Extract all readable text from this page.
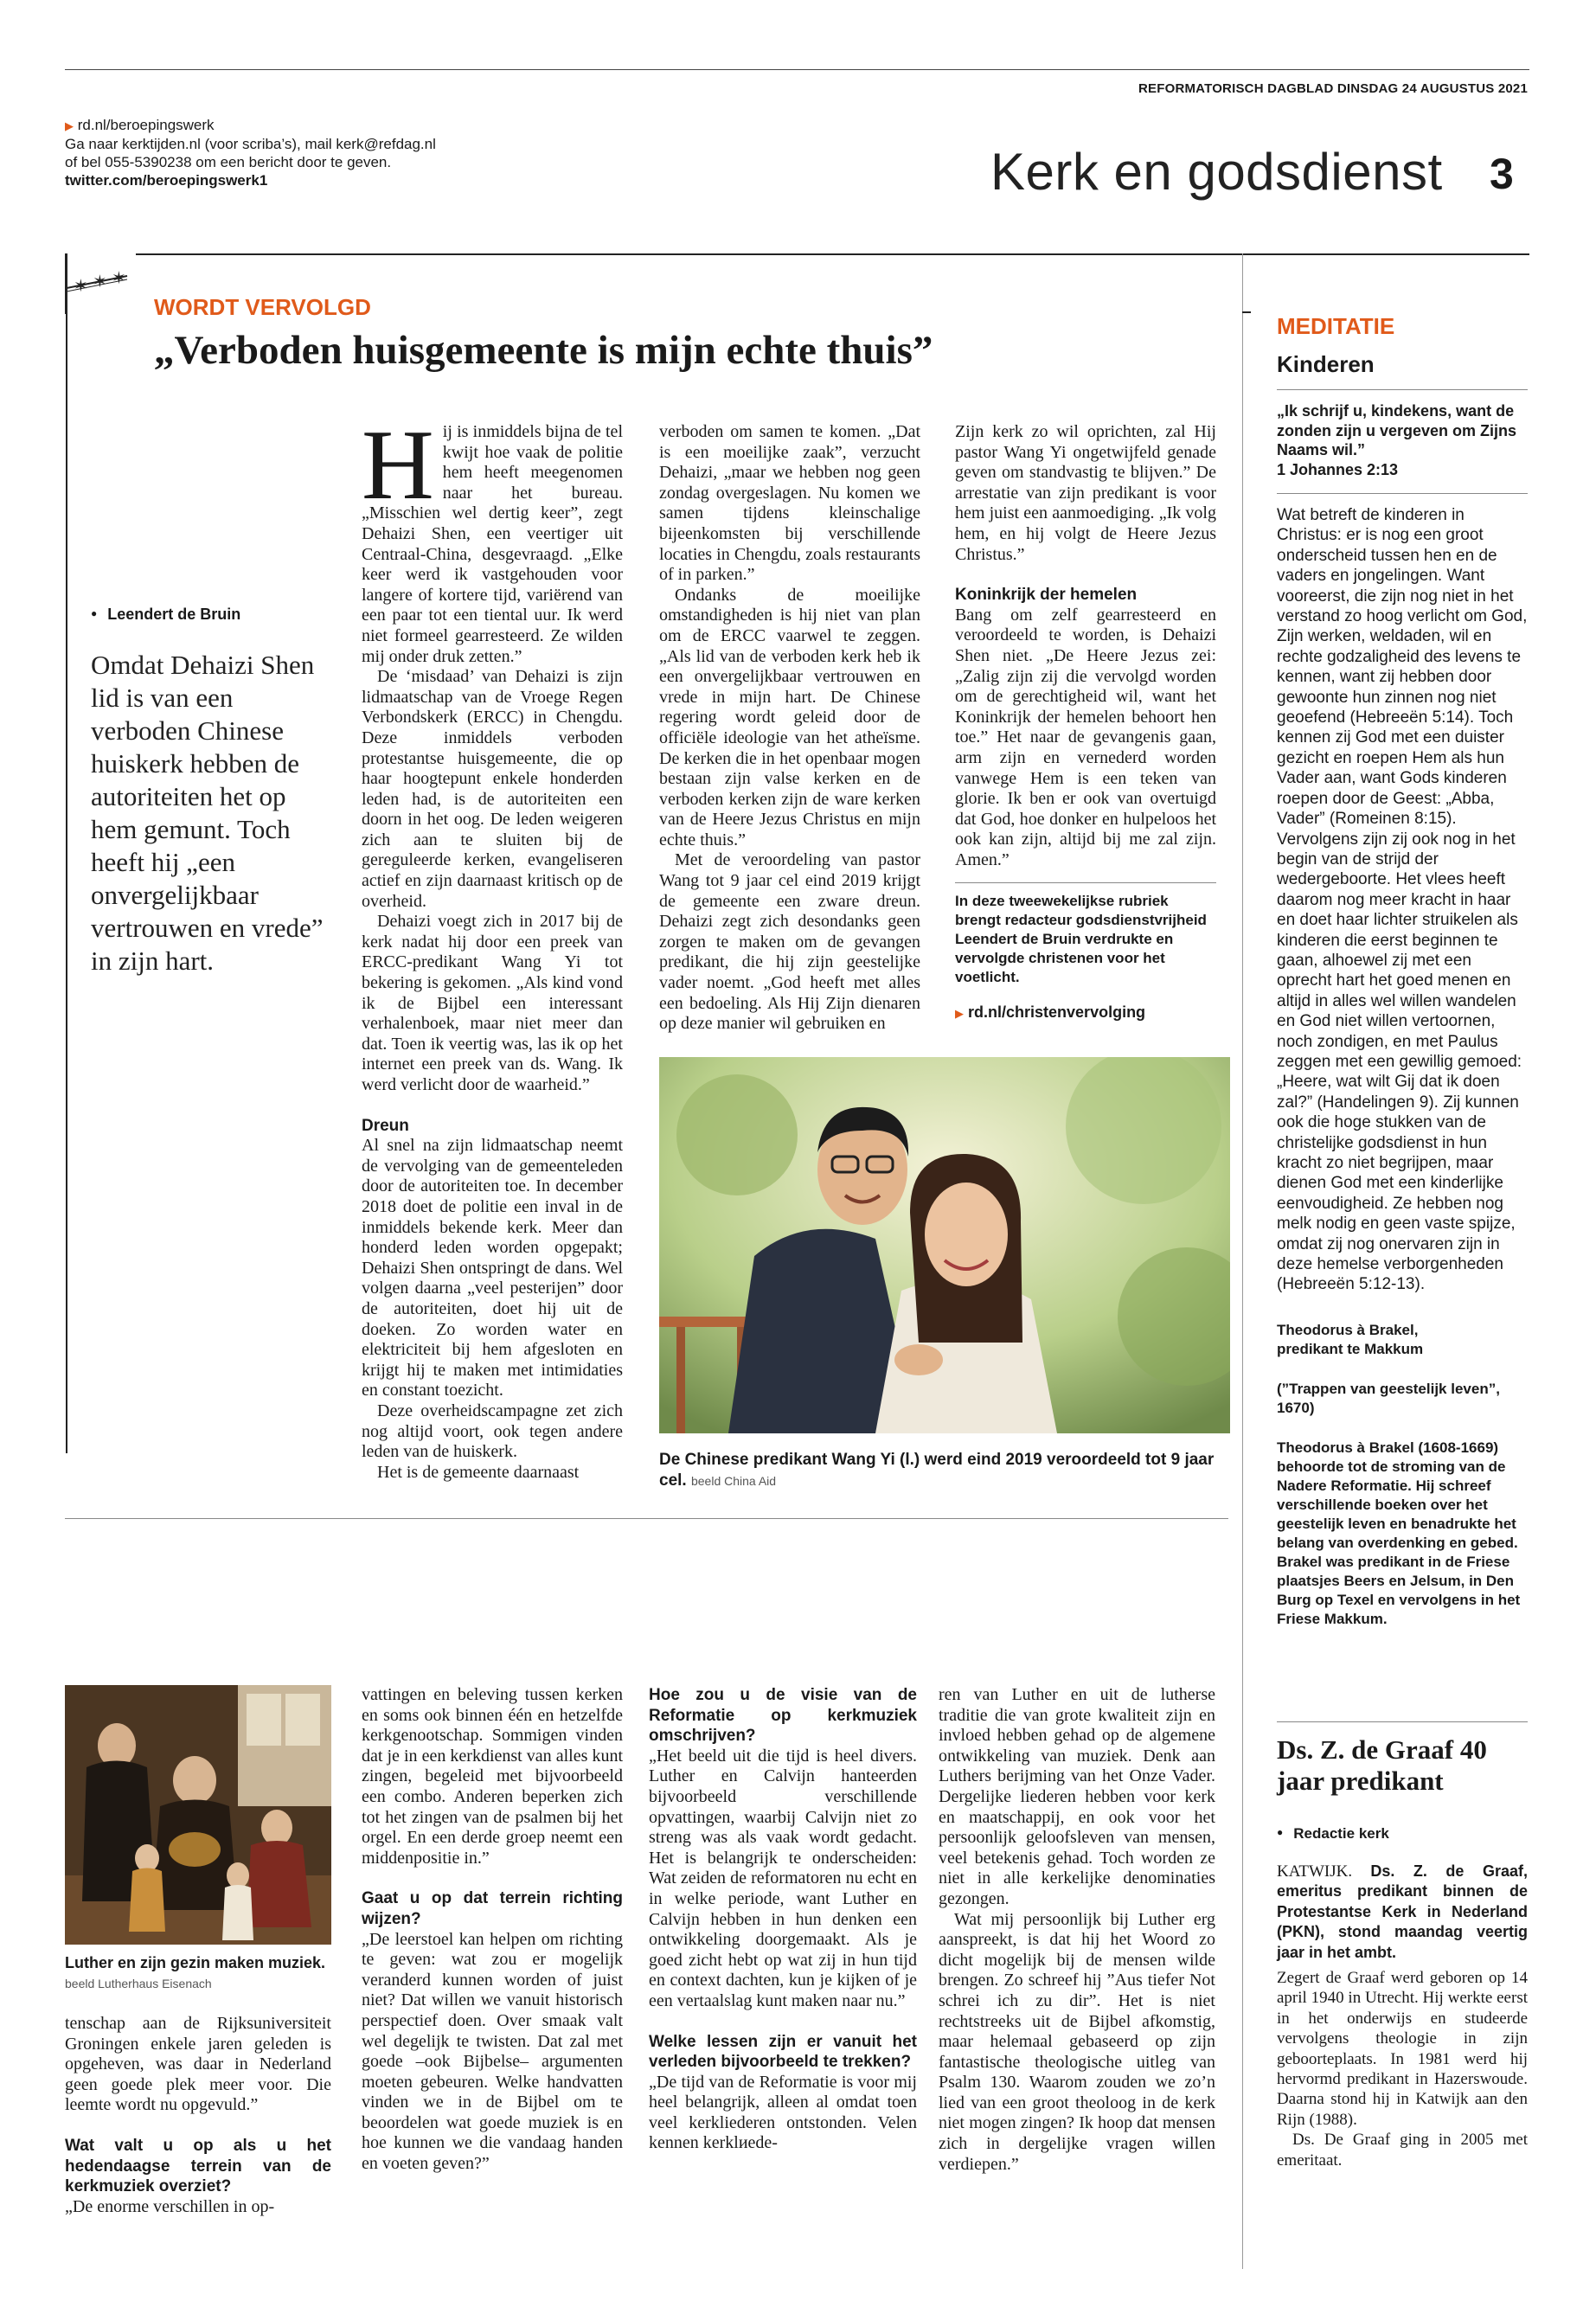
REFORMATORISCH DAGBLAD DINSDAG 24 AUGUSTUS 2021
▶ rd.nl/beroepingswerk
Ga naar kerktijden.nl (voor scriba’s), mail kerk@refdag.nl
of bel 055-5390238 om een bericht door te geven.
twitter.com/beroepingswerk1	Kerk en godsdienst 3
✶ ✶ ✶
WORDT VERVOLGD
„Verboden huisgemeente is mijn echte thuis”
● Leendert de Bruin
Omdat Dehaizi Shen lid is van een verboden Chinese huiskerk hebben de autoriteiten het op hem gemunt. Toch heeft hij „een onvergelijkbaar vertrouwen en vrede” in zijn hart.
H ij is inmiddels bijna de tel kwijt hoe vaak de politie hem heeft meegenomen naar het bureau. „Misschien wel dertig keer”, zegt Dehaizi Shen, een veertiger uit Centraal-China, desgevraagd. „Elke keer werd ik vastgehouden voor langere of kortere tijd, variërend van een paar tot een tiental uur. Ik werd niet formeel gearresteerd. Ze wilden mij onder druk zetten.”

De ‘misdaad’ van Dehaizi is zijn lidmaatschap van de Vroege Regen Verbondskerk (ERCC) in Chengdu. Deze inmiddels verboden protestantse huisgemeente, die op haar hoogtepunt enkele honderden leden had, is de autoriteiten een doorn in het oog. De leden weigeren zich aan te sluiten bij de geregulеerde kerken, evangeliseren actief en zijn daarnaast kritisch op de overheid.

Dehaizi voegt zich in 2017 bij de kerk nadat hij door een preek van ERCC-predikant Wang Yi tot bekering is gekomen. „Als kind vond ik de Bijbel een interessant verhalenboek, maar niet meer dan dat. Toen ik veertig was, las ik op het internet een preek van ds. Wang. Ik werd verlicht door de waarheid.”

Dreun

Al snel na zijn lidmaatschap neemt de vervolging van de gemeenteleden door de autoriteiten toe. In december 2018 doet de politie een inval in de inmiddels bekende kerk. Meer dan honderd leden worden opgepakt; Dehaizi Shen ontspringt de dans. Wel volgen daarna „veel pesterijen” door de autoriteiten, doet hij uit de doeken. Zo worden water en elektriciteit bij hem afgesloten en krijgt hij te maken met intimidaties en constant toezicht.

Deze overheidscampagne zet zich nog altijd voort, ook tegen andere leden van de huiskerk.

Het is de gemeente daarnaast

verboden om samen te komen. „Dat is een moeilijke zaak”, verzucht Dehaizi, „maar we hebben nog geen zondag overgeslagen. Nu komen we samen tijdens kleinschalige bijeenkomsten bij verschillende locaties in Chengdu, zoals restaurants of in parken.”

Ondanks de moeilijke omstandigheden is hij niet van plan om de ERCC vaarwel te zeggen. „Als lid van de verboden kerk heb ik een onvergelijkbaar vertrouwen en vrede in mijn hart. De Chinese regering wordt geleid door de officiële ideologie van het atheïsme. De kerken die in het openbaar mogen bestaan zijn valse kerken en de verboden kerken zijn de ware kerken van de Heere Jezus Christus en mijn echte thuis.”

Met de veroordeling van pastor Wang tot 9 jaar cel eind 2019 krijgt de gemeente een zware dreun. Dehaizi zegt zich desondanks geen zorgen te maken om de gevangen predikant, die hij zijn geestelijke vader noemt. „God heeft met alles een bedoeling. Als Hij Zijn dienaren op deze manier wil gebruiken en

Zijn kerk zo wil oprichten, zal Hij pastor Wang Yi ongetwijfeld genade geven om standvastig te blijven.” De arrestatie van zijn predikant is voor hem juist een aanmoediging. „Ik volg hem, en hij volgt de Heere Jezus Christus.”

Koninkrijk der hemelen

Bang om zelf gearresteerd en veroordeeld te worden, is Dehaizi Shen niet. „De Heere Jezus zei: „Zalig zijn zij die vervolgd worden om de gerechtigheid wil, want het Koninkrijk der hemelen behoort hen toe.” Het naar de gevangenis gaan, arm zijn en vernederd worden vanwege Hem is een teken van glorie. Ik ben er ook van overtuigd dat God, hoe donker en hulpeloos het ook kan zijn, altijd bij me zal zijn. Amen.”

In deze tweewekelijkse rubriek brengt redacteur godsdienstvrijheid Leendert de Bruin verdrukte en vervolgde christenen voor het voetlicht.
▶ rd.nl/christenvervolging
De Chinese predikant Wang Yi (l.) werd eind 2019 veroordeeld tot 9 jaar cel. beeld China Aid
MEDITATIE
Kinderen

„Ik schrijf u, kindekens, want de zonden zijn u vergeven om Zijns Naams wil.”

1 Johannes 2:13

Wat betreft de kinderen in Christus: er is nog een groot onderscheid tussen hen en de vaders en jongelingen. Want vooreerst, die zijn nog niet in het verstand zo hoog verlicht om God, Zijn werken, weldaden, wil en rechte godzaligheid des levens te kennen, want zij hebben door gewoonte hun zinnen nog niet geoefend (Hebreeën 5:14). Toch kennen zij God met een duister gezicht en roepen Hem als hun Vader aan, want Gods kinderen roepen door de Geest: „Abba, Vader” (Romeinen 8:15). Vervolgens zijn zij ook nog in het begin van de strijd der wedergeboorte. Het vlees heeft daarom nog meer kracht in haar en doet haar lichter struikelen als kinderen die eerst beginnen te gaan, alhoewel zij met een oprecht hart het goed menen en altijd in alles wel willen wandelen en God niet willen vertoornen, noch zondigen, en met Paulus zeggen met een gewillig gemoed: „Heere, wat wilt Gij dat ik doen zal?” (Handelingen 9). Zij kunnen ook die hoge stukken van de christelijke godsdienst in hun kracht zo niet begrijpen, maar dienen God met een kinderlijke eenvoudigheid. Ze hebben nog melk nodig en geen vaste spijze, omdat zij nog onervaren zijn in deze hemelse verborgenheden (Hebreeën 5:12-13).

Theodorus à Brakel,

predikant te Makkum

(”Trappen van geestelijk leven”, 1670)

Theodorus à Brakel (1608-1669) behoorde tot de stroming van de Nadere Reformatie. Hij schreef verschillende boeken over het geestelijk leven en benadrukte het belang van overdenking en gebed. Brakel was predikant in de Friese plaatsjes Beers en Jelsum, in Den Burg op Texel en vervolgens in het Friese Makkum.

Ds. Z. de Graaf 40 jaar predikant
● Redactie kerk
KATWIJK. Ds. Z. de Graaf, emeritus predikant binnen de Protestantse Kerk in Nederland (PKN), stond maandag veertig jaar in het ambt.

Zegert de Graaf werd geboren op 14 april 1940 in Utrecht. Hij werkte eerst in het onderwijs en studeerde vervolgens theologie in zijn geboorteplaats. In 1981 werd hij hervormd predikant in Hazerswoude. Daarna stond hij in Katwijk aan den Rijn (1988).

Ds. De Graaf ging in 2005 met emeritaat.

Luther en zijn gezin maken muziek. beeld Lutherhaus Eisenach

tenschap aan de Rijksuniversiteit Groningen enkele jaren geleden is opgeheven, was daar in Nederland geen goede plek meer voor. Die leemte wordt nu opgevuld.”

Wat valt u op als u het hedendaagse terrein van de kerkmuziek overziet?

„De enorme verschillen in op-

vattingen en beleving tussen kerken en soms ook binnen één en hetzelfde kerkgenootschap. Sommigen vinden dat je in een kerkdienst van alles kunt zingen, begeleid met bijvoorbeeld een combo. Anderen beperken zich tot het zingen van de psalmen bij het orgel. En een derde groep neemt een middenpositie in.”

Gaat u op dat terrein richting wijzen?

„De leerstoel kan helpen om richting te geven: wat zou er mogelijk veranderd kunnen worden of juist niet? Dat willen we vanuit historisch perspectief doen. Over smaak valt wel degelijk te twisten. Dat zal met goede –ook Bijbelse– argumenten moeten gebeuren. Welke handvatten vinden we in de Bijbel om te beoordelen wat goede muziek is en hoe kunnen we die vandaag handen en voeten geven?”

Hoe zou u de visie van de Reformatie op kerkmuziek omschrijven?

„Het beeld uit die tijd is heel divers. Luther en Calvijn hanteerden bijvoorbeeld verschillende opvattingen, waarbij Calvijn niet zo streng was als vaak wordt gedacht. Het is belangrijk te onderscheiden: Wat zeiden de reformatoren nu echt en in welke periode, want Luther en Calvijn hebben in hun denken een ontwikkeling doorgemaakt. Als je goed zicht hebt op wat zij in hun tijd en context dachten, kun je kijken of je een vertaalslag kunt maken naar nu.”

Welke lessen zijn er vanuit het verleden bijvoorbeeld te trekken?

„De tijd van de Reformatie is voor mij heel belangrijk, alleen al omdat toen veel kerkliederen ontstonden. Velen kennen kerklиede-

ren van Luther en uit de lutherse traditie die van grote kwaliteit zijn en invloed hebben gehad op de algemene ontwikkeling van muziek. Denk aan Luthers berijming van het Onze Vader. Dergelijke liederen hebben voor kerk en maatschappij, en ook voor het persoonlijk geloofsleven van mensen, veel betekenis gehad. Toch worden ze niet in alle kerkelijke denominaties gezongen.

Wat mij persoonlijk bij Luther erg aanspreekt, is dat hij het Woord zo dicht mogelijk bij de mensen wilde brengen. Zo schreef hij ”Aus tiefer Not schrei ich zu dir”. Het is niet rechtstreeks uit de Bijbel afkomstig, maar helemaal gebaseerd op zijn fantastische theologische uitleg van Psalm 130. Waarom zouden we zo’n lied van een groot theoloog in de kerk niet mogen zingen? Ik hoop dat mensen zich in dergelijke vragen willen verdiepen.”
